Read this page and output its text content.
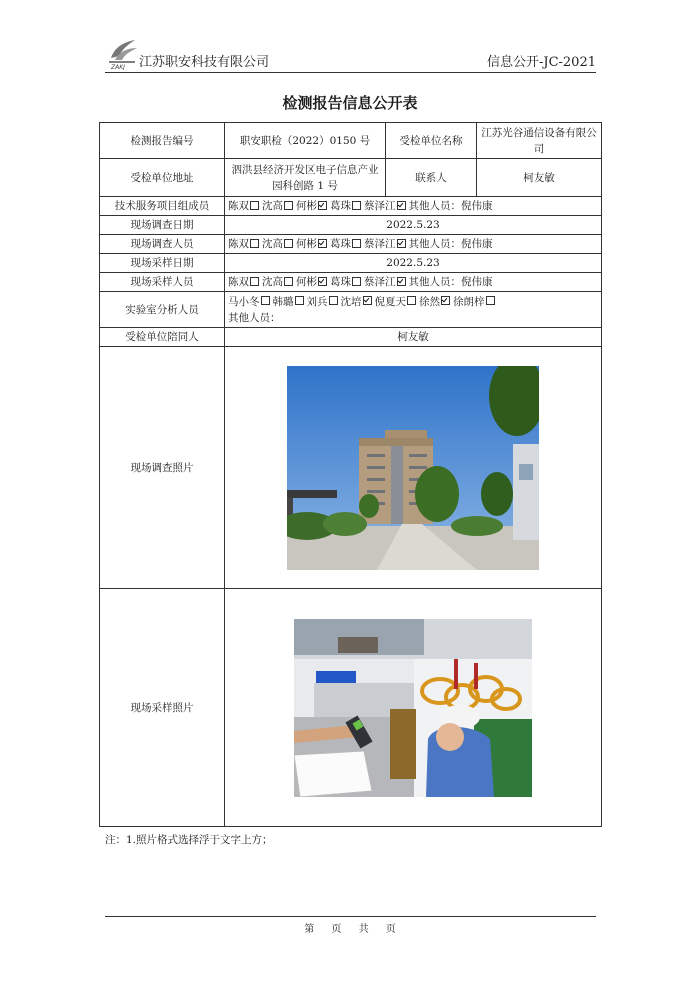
ZAKJ 江苏职安科技有限公司	信息公开-JC-2021
检测报告信息公开表
检测报告编号	职安职检（2022）0150 号	受检单位名称	江苏光谷通信设备有限公司
受检单位地址	泗洪县经济开发区电子信息产业园科创路 1 号	联系人	柯友敏
技术服务项目组成员	陈双 沈高 何彬 葛珠 蔡泽江 其他人员：倪伟康		
现场调查日期	2022.5.23		
现场调查人员	陈双 沈高 何彬 葛珠 蔡泽江 其他人员：倪伟康		
现场采样日期	2022.5.23		
现场采样人员	陈双 沈高 何彬 葛珠 蔡泽江 其他人员：倪伟康		
实验室分析人员	马小冬 韩璐 刘兵 沈培 倪夏天 徐然 徐朗梓
其他人员：		
受检单位陪同人	柯友敏		
现场调查照片	

现场采样照片	
注：1.照片格式选择浮于文字上方；
第 页 共 页
